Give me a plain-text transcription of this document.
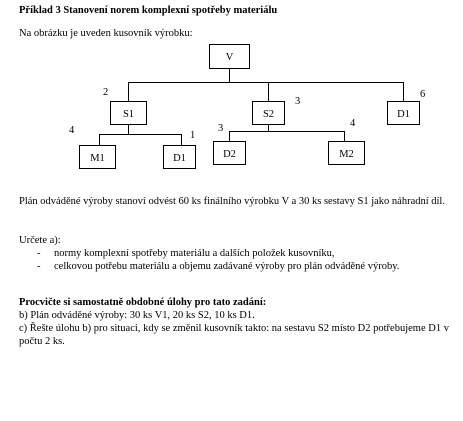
Příklad 3 Stanovení norem komplexní spotřeby materiálu
Na obrázku je uveden kusovník výrobku:
V
S1	S2	D1
M1	D1	D2	M2
2
3
6
4	1
3	4
Plán odváděné výroby stanoví odvést 60 ks finálního výrobku V a 30 ks sestavy S1 jako náhradní díl.
Určete a):
- normy komplexní spotřeby materiálu a dalších položek kusovníku,
- celkovou potřebu materiálu a objemu zadávané výroby pro plán odváděné výroby.
Procvičte si samostatně obdobné úlohy pro tato zadání:
b) Plán odváděné výroby: 30 ks V1, 20 ks S2, 10 ks D1.
c) Řešte úlohu b) pro situaci, kdy se změnil kusovník takto: na sestavu S2 místo D2 potřebujeme D1 v počtu 2 ks.
